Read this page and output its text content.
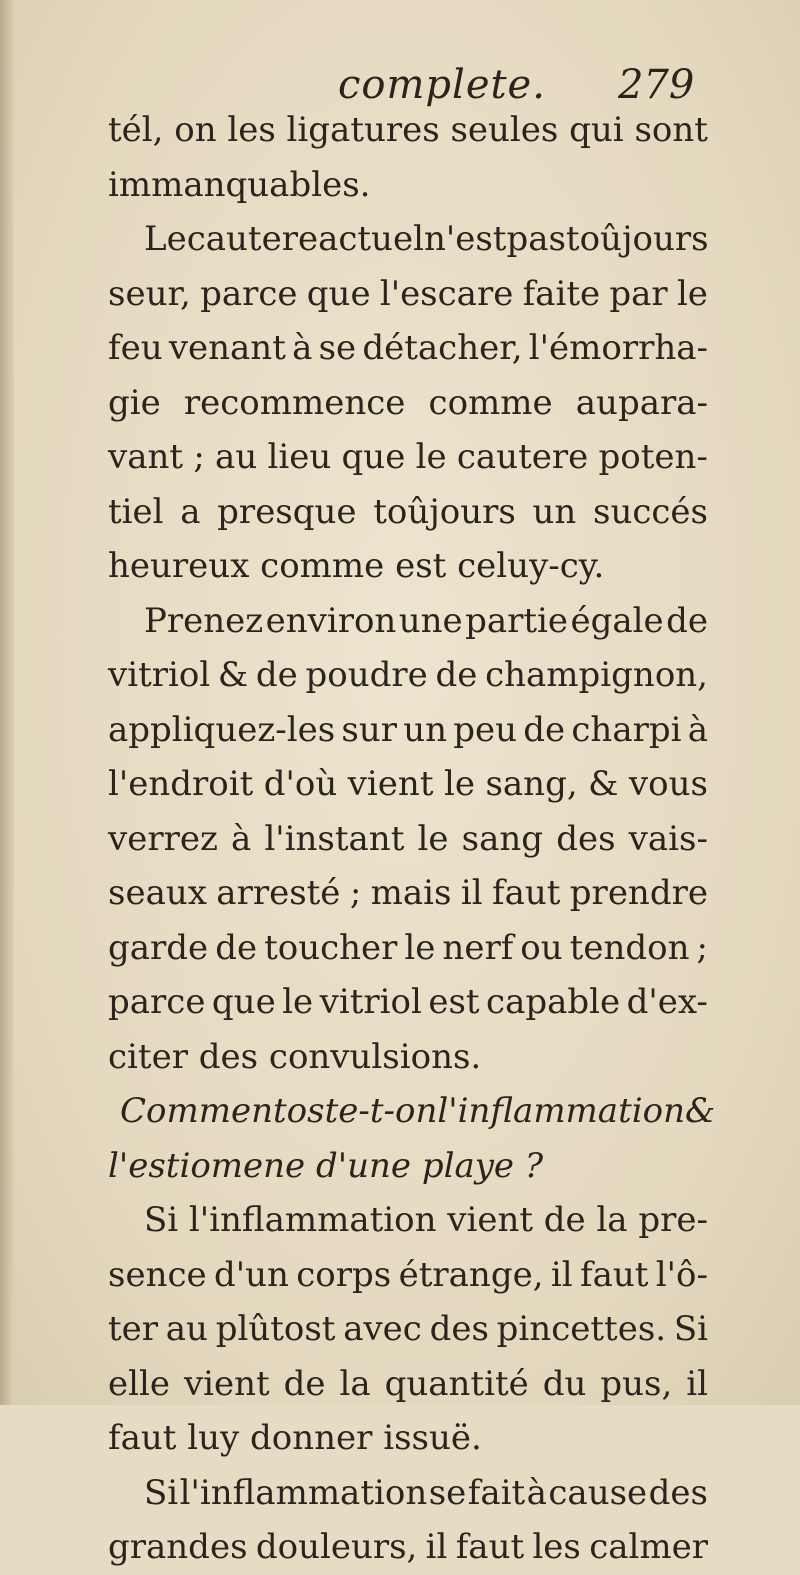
complete. 279
tél, on les ligatures seules qui sont
immanquables.
Le cautere actuel n'est pas toûjours
seur, parce que l'escare faite par le
feu venant à se détacher, l'émorrha-
gie recommence comme aupara-
vant ; au lieu que le cautere poten-
tiel a presque toûjours un succés
heureux comme est celuy-cy.
Prenez environ une partie égale de
vitriol & de poudre de champignon,
appliquez-les sur un peu de charpi à
l'endroit d'où vient le sang, & vous
verrez à l'instant le sang des vais-
seaux arresté ; mais il faut prendre
garde de toucher le nerf ou tendon ;
parce que le vitriol est capable d'ex-
citer des convulsions.
Comment oste-t-on l'inflammation &
l'estiomene d'une playe ?
Si l'inflammation vient de la pre-
sence d'un corps étrange, il faut l'ô-
ter au plûtost avec des pincettes. Si
elle vient de la quantité du pus, il
faut luy donner issuë.
Si l'inflammation se fait à cause des
grandes douleurs, il faut les calmer
